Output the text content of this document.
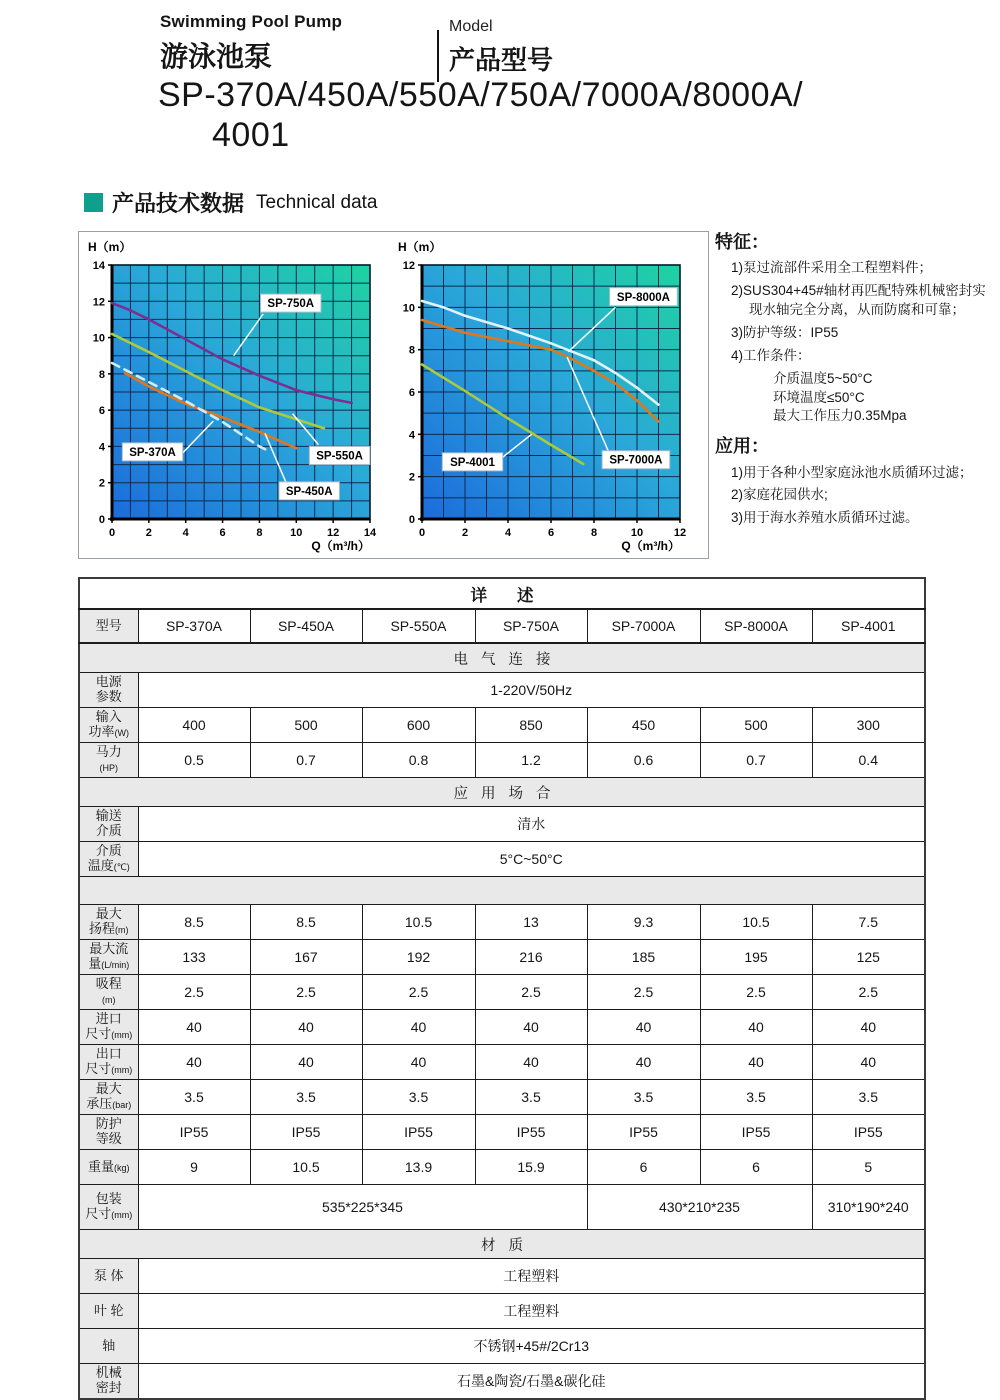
Swimming Pool Pump
游泳池泵
Model
产品型号
SP-370A/450A/550A/750A/7000A/8000A/
4001
产品技术数据 Technical data
0	2	4	6	8	10 12 14
0
2
4
6
8
10
12
14
H（m）
Q（m³/h）
SP-750A
SP-550A
SP-450A
SP-370A
0	2	4	6	8	10	12
0
2
4
6
8
10
12
H（m）
Q（m³/h）
SP-8000A
SP-7000A
SP-4001
特征：
1)泵过流部件采用全工程塑料件；
2)SUS304+45#轴材再匹配特殊机械密封实现水轴完全分离，从而防腐和可靠；
3)防护等级：IP55
4)工作条件：
介质温度5~50°C
环境温度≤50°C
最大工作压力0.35Mpa
应用：
1)用于各种小型家庭泳池水质循环过滤；
2)家庭花园供水;
3)用于海水养殖水质循环过滤。
详述							
型号	SP-370A	SP-450A	SP-550A	SP-750A	SP-7000A	SP-8000A	SP-4001
电气连接							

电源
参数	1-220V/50Hz						

输入
功率(W)	400	500	600	850	450	500	300

马力
(HP)	0.5	0.7	0.8	1.2	0.6	0.7	0.4
应用场合							

输送
介质	清水						

介质
温度(℃)	5°C~50°C						

最大
扬程(m)	8.5	8.5	10.5	13	9.3	10.5	7.5

最大流
量(L/min)	133	167	192	216	185	195	125

吸程
(m)	2.5	2.5	2.5	2.5	2.5	2.5	2.5

进口
尺寸(mm)	40	40	40	40	40	40	40

出口
尺寸(mm)	40	40	40	40	40	40	40

最大
承压(bar)	3.5	3.5	3.5	3.5	3.5	3.5	3.5

防护
等级	IP55	IP55	IP55	IP55	IP55	IP55	IP55

重量(kg)	9	10.5	13.9	15.9	6	6	5

包装
尺寸(mm)	535*225*345				430*210*235		310*190*240
材质							

泵 体	工程塑料						

叶 轮	工程塑料						

轴	不锈钢+45#/2Cr13						

机械
密封	石墨&陶瓷/石墨&碳化硅						
